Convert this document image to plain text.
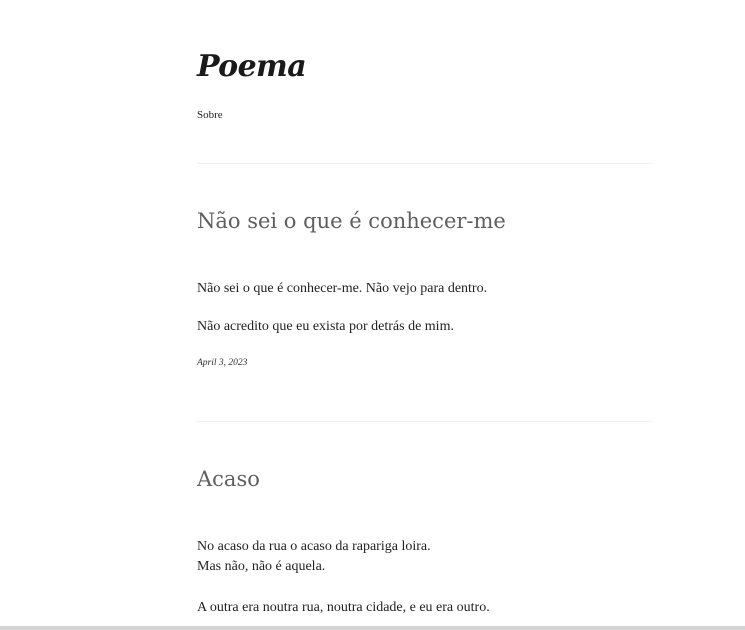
Poema
Sobre
Não sei o que é conhecer-me
Não sei o que é conhecer-me. Não vejo para dentro.
Não acredito que eu exista por detrás de mim.
April 3, 2023
Acaso
No acaso da rua o acaso da rapariga loira.
Mas não, não é aquela.
A outra era noutra rua, noutra cidade, e eu era outro.
